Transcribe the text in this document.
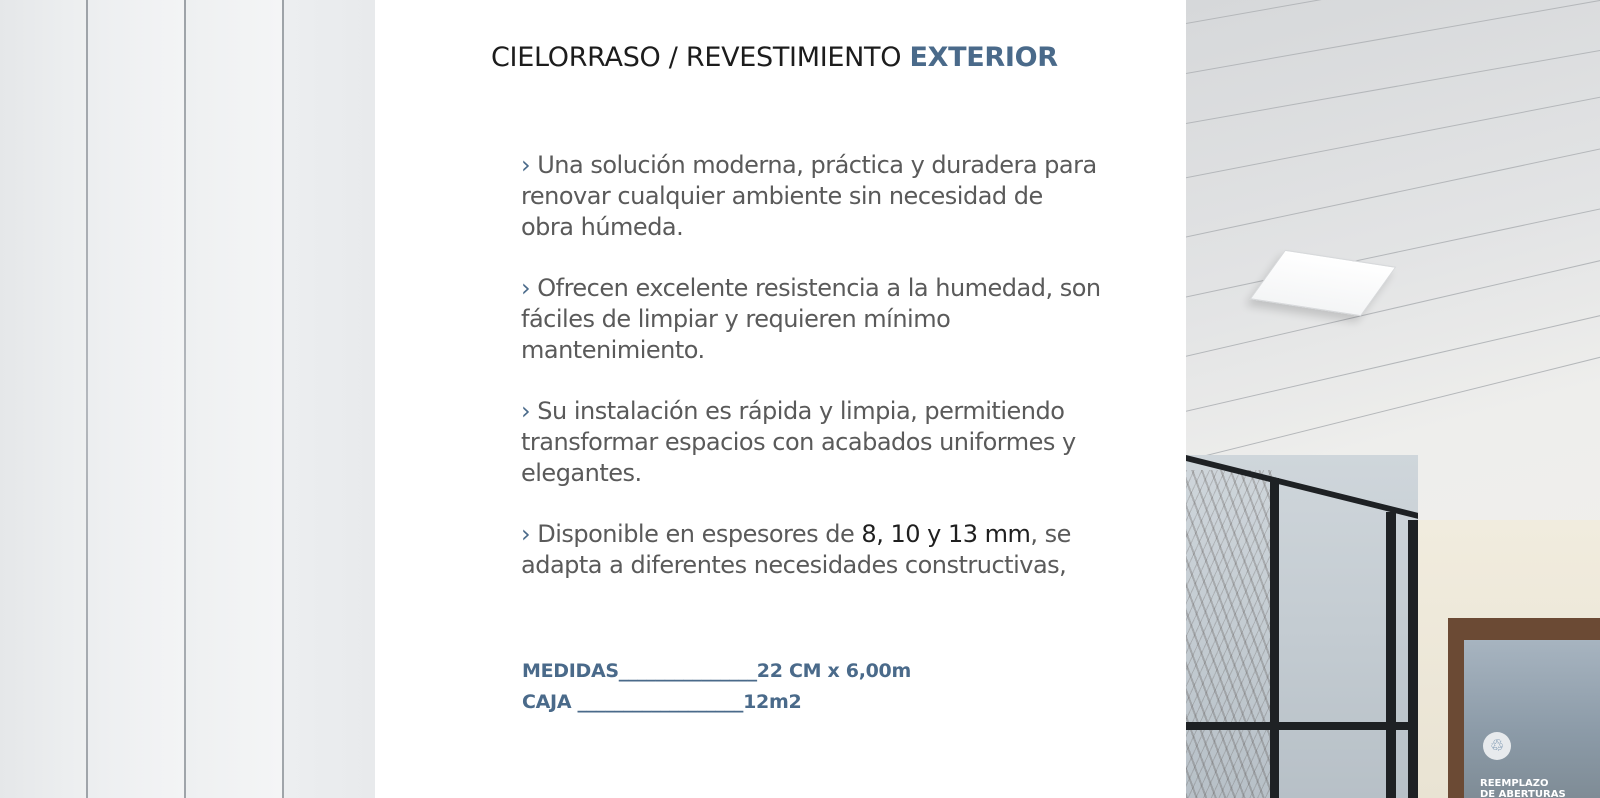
CIELORRASO / REVESTIMIENTO EXTERIOR

› Una solución moderna, práctica y duradera para renovar cualquier ambiente sin necesidad de obra húmeda.

› Ofrecen excelente resistencia a la humedad, son fáciles de limpiar y requieren mínimo mantenimiento.

› Su instalación es rápida y limpia, permitiendo transformar espacios con acabados uniformes y elegantes.

› Disponible en espesores de 8, 10 y 13 mm, se adapta a diferentes necesidades constructivas,

MEDIDAS_______________22 CM x 6,00m
CAJA __________________12m2
♲
REEMPLAZO
DE ABERTURAS
